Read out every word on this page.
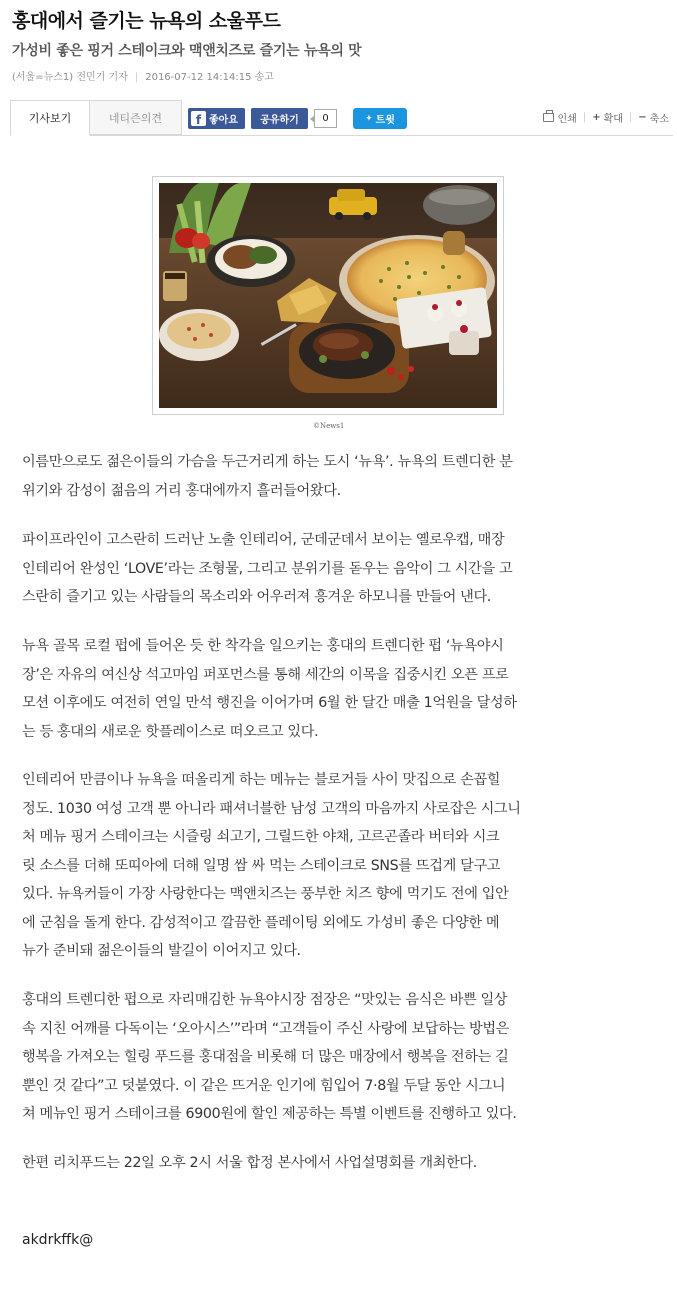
홍대에서 즐기는 뉴욕의 소울푸드
가성비 좋은 핑거 스테이크와 맥앤치즈로 즐기는 뉴욕의 맛
(서울=뉴스1) 전민기 기자 | 2016-07-12 14:14:15 송고
기사보기	네티즌의견	f 좋아요	공유하기	0	✦ 트윗	인쇄 | + 확대 | − 축소
©News1

이름만으로도 젊은이들의 가슴을 두근거리게 하는 도시 ‘뉴욕’. 뉴욕의 트렌디한 분

위기와 감성이 젊음의 거리 홍대에까지 흘러들어왔다.

파이프라인이 고스란히 드러난 노출 인테리어, 군데군데서 보이는 옐로우캡, 매장

인테리어 완성인 ‘LOVE’라는 조형물, 그리고 분위기를 돋우는 음악이 그 시간을 고

스란히 즐기고 있는 사람들의 목소리와 어우러져 흥겨운 하모니를 만들어 낸다.

뉴욕 골목 로컬 펍에 들어온 듯 한 착각을 일으키는 홍대의 트렌디한 펍 ‘뉴욕야시

장’은 자유의 여신상 석고마임 퍼포먼스를 통해 세간의 이목을 집중시킨 오픈 프로

모션 이후에도 여전히 연일 만석 행진을 이어가며 6월 한 달간 매출 1억원을 달성하

는 등 홍대의 새로운 핫플레이스로 떠오르고 있다.

인테리어 만큼이나 뉴욕을 떠올리게 하는 메뉴는 블로거들 사이 맛집으로 손꼽힐

정도. 1030 여성 고객 뿐 아니라 패셔너블한 남성 고객의 마음까지 사로잡은 시그니

처 메뉴 핑거 스테이크는 시즐링 쇠고기, 그릴드한 야채, 고르곤졸라 버터와 시크

릿 소스를 더해 또띠아에 더해 일명 쌈 싸 먹는 스테이크로 SNS를 뜨겁게 달구고

있다. 뉴욕커들이 가장 사랑한다는 맥앤치즈는 풍부한 치즈 향에 먹기도 전에 입안

에 군침을 돌게 한다. 감성적이고 깔끔한 플레이팅 외에도 가성비 좋은 다양한 메

뉴가 준비돼 젊은이들의 발길이 이어지고 있다.

홍대의 트렌디한 펍으로 자리매김한 뉴욕야시장 점장은 “맛있는 음식은 바쁜 일상

속 지친 어깨를 다독이는 ‘오아시스’”라며 “고객들이 주신 사랑에 보답하는 방법은

행복을 가져오는 힐링 푸드를 홍대점을 비롯해 더 많은 매장에서 행복을 전하는 길

뿐인 것 같다”고 덧붙였다. 이 같은 뜨거운 인기에 힘입어 7·8월 두달 동안 시그니

쳐 메뉴인 핑거 스테이크를 6900원에 할인 제공하는 특별 이벤트를 진행하고 있다.

한편 리치푸드는 22일 오후 2시 서울 합정 본사에서 사업설명회를 개최한다.

akdrkffk@
